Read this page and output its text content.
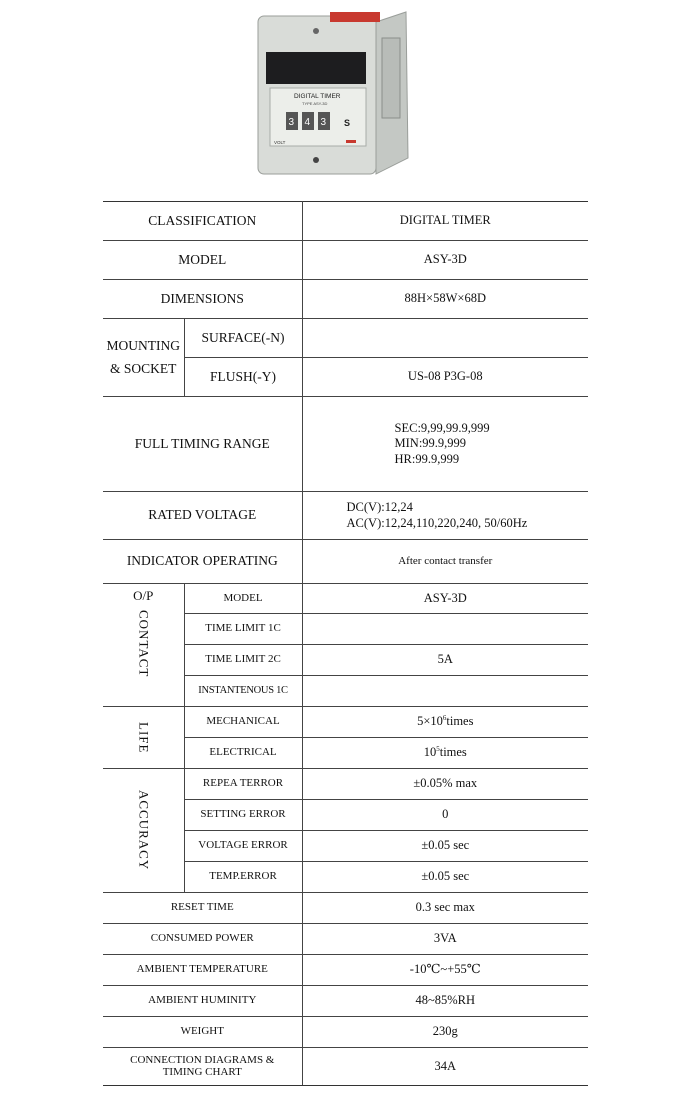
DIGITAL TIMER
TYPE ASY-3D
3 4 3 S
VOLT
CLASSIFICATION		DIGITAL TIMER
MODEL		ASY-3D
DIMENSIONS		88H×58W×68D

MOUNTING
& SOCKET	SURFACE(-N)	
	FLUSH(-Y)	US-08 P3G-08
FULL TIMING RANGE		SEC:9,99,99.9,999
MIN:99.9,999
HR:99.9,999

RATED VOLTAGE		DC(V):12,24
AC(V):12,24,110,220,240, 50/60Hz

INDICATOR OPERATING		After contact transfer

O/P
CONTACT	MODEL	ASY-3D
	TIME LIMIT 1C	
	TIME LIMIT 2C	5A
	INSTANTENOUS 1C	

LIFE	MECHANICAL	$5\times 10^6times$
	ELECTRICAL	$10^5times$

ACCURACY	REPEA TERROR	±0.05% max
	SETTING ERROR	0
	VOLTAGE ERROR	±0.05 sec
	TEMP.ERROR	±0.05 sec
RESET TIME		0.3 sec max
CONSUMED POWER		3VA
AMBIENT TEMPERATURE		-10℃~+55℃
AMBIENT HUMINITY		48~85%RH
WEIGHT		230g

CONNECTION DIAGRAMS &
TIMING CHART		34A
